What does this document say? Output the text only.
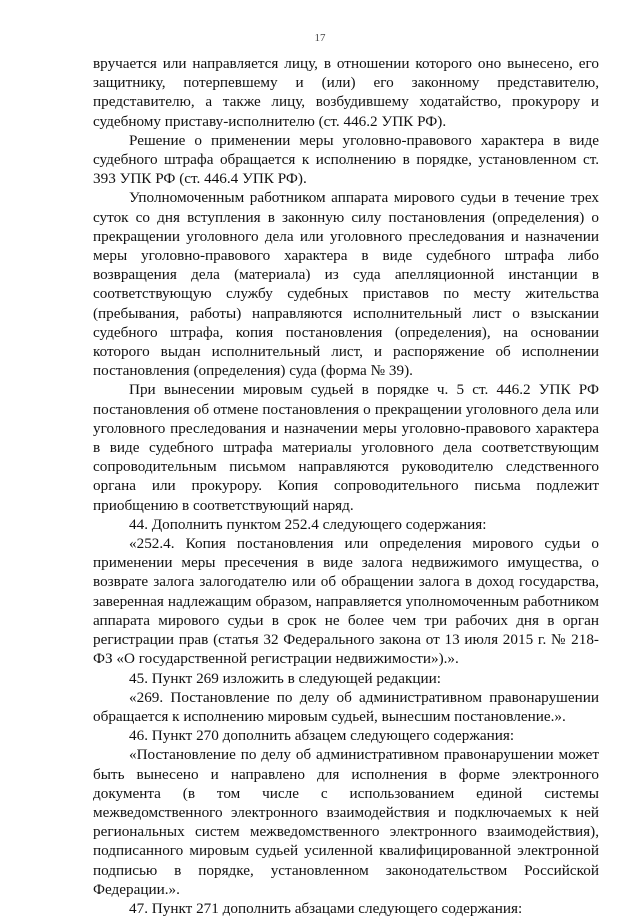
17

вручается или направляется лицу, в отношении которого оно вынесено, его защитнику, потерпевшему и (или) его законному представителю, представителю, а также лицу, возбудившему ходатайство, прокурору и судебному приставу-исполнителю (ст. 446.2 УПК РФ).

Решение о применении меры уголовно-правового характера в виде судебного штрафа обращается к исполнению в порядке, установленном ст. 393 УПК РФ (ст. 446.4 УПК РФ).

Уполномоченным работником аппарата мирового судьи в течение трех суток со дня вступления в законную силу постановления (определения) о прекращении уголовного дела или уголовного преследования и назначении меры уголовно-правового характера в виде судебного штрафа либо возвращения дела (материала) из суда апелляционной инстанции в соответствующую службу судебных приставов по месту жительства (пребывания, работы) направляются исполнительный лист о взыскании судебного штрафа, копия постановления (определения), на основании которого выдан исполнительный лист, и распоряжение об исполнении постановления (определения) суда (форма № 39).

При вынесении мировым судьей в порядке ч. 5 ст. 446.2 УПК РФ постановления об отмене постановления о прекращении уголовного дела или уголовного преследования и назначении меры уголовно-правового характера в виде судебного штрафа материалы уголовного дела соответствующим сопроводительным письмом направляются руководителю следственного органа или прокурору. Копия сопроводительного письма подлежит приобщению в соответствующий наряд.

44. Дополнить пунктом 252.4 следующего содержания:

«252.4. Копия постановления или определения мирового судьи о применении меры пресечения в виде залога недвижимого имущества, о возврате залога залогодателю или об обращении залога в доход государства, заверенная надлежащим образом, направляется уполномоченным работником аппарата мирового судьи в срок не более чем три рабочих дня в орган регистрации прав (статья 32 Федерального закона от 13 июля 2015 г. № 218-ФЗ «О государственной регистрации недвижимости»).».

45. Пункт 269 изложить в следующей редакции:

«269. Постановление по делу об административном правонарушении обращается к исполнению мировым судьей, вынесшим постановление.».

46. Пункт 270 дополнить абзацем следующего содержания:

«Постановление по делу об административном правонарушении может быть вынесено и направлено для исполнения в форме электронного документа (в том числе с использованием единой системы межведомственного электронного взаимодействия и подключаемых к ней региональных систем межведомственного электронного взаимодействия), подписанного мировым судьей усиленной квалифицированной электронной подписью в порядке, установленном законодательством Российской Федерации.».

47. Пункт 271 дополнить абзацами следующего содержания:
